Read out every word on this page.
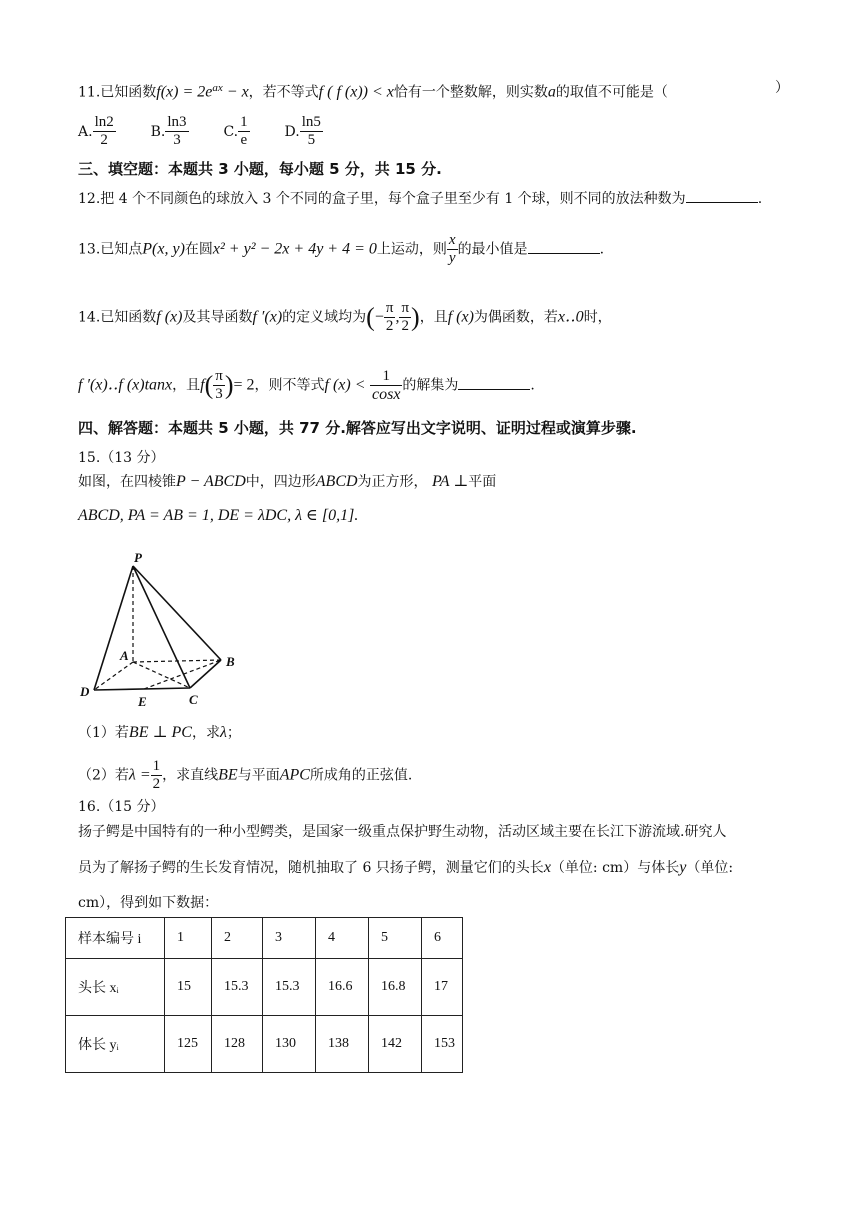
11.已知函数$f(x) = 2e^{ax} - x$，若不等式f ( f (x)) < x恰有一个整数解，则实数a的取值不可能是（	）
A. $\frac{\ln 2}{2} B$. $\frac{\ln 3}{3} C$. $\frac{1}{e} D$. $\frac{\ln 5}{5}$
三、填空题：本题共 3 小题，每小题 5 分，共 15 分.
12.把 4 个不同颜色的球放入 3 个不同的盒子里，每个盒子里至少有 1 个球，则不同的放法种数为	.
13.已知点P(x, y)在圆x² + y² − 2x + 4y + 4 = 0上运动，则 $\frac{x}{y}$ 的最小值是	.
14.已知函数f (x)及其导函数f ′(x)的定义域均为(− $\frac{\pi}{2}$ , $\frac{\pi}{2}$ )，且f (x)为偶函数，若x‥0时，
f ′(x)‥f (x)tanx，且$f( \frac{\pi}{3}$ )= 2，则不等式f $(x) < \frac{1}{\cos x}$ 的解集为	.
四、解答题：本题共 5 小题，共 77 分.解答应写出文字说明、证明过程或演算步骤.
15.（13 分）
如图，在四棱锥P − ABCD中，四边形ABCD为正方形， PA ⊥平面
ABCD, PA = AB = 1, DE = λDC, λ ∈ [0,1].
P
A	B
C
D
E
（1）若BE ⊥ PC，求λ；
（2）若$\lambda = \frac{1}{2}$ ，求直线BE与平面APC所成角的正弦值.
16.（15 分）
扬子鳄是中国特有的一种小型鳄类，是国家一级重点保护野生动物，活动区域主要在长江下游流域.研究人
员为了解扬子鳄的生长发育情况，随机抽取了 6 只扬子鳄，测量它们的头长x（单位: cm）与体长y（单位:
cm），得到如下数据：
样本编号 i	1	2	3	4	5	6
头长 xᵢ	15	15.3	15.3	16.6	16.8	17
体长 yᵢ	125	128	130	138	142	153
